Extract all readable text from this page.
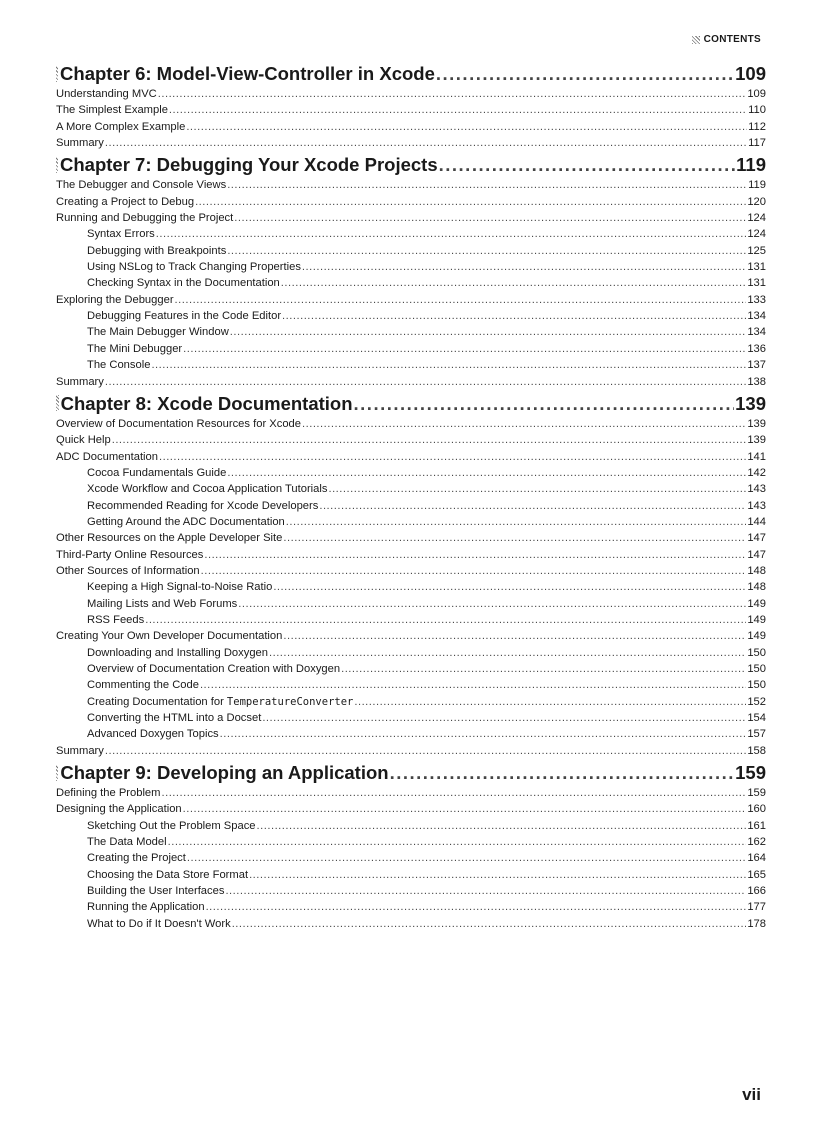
CONTENTS
Chapter 6: Model-View-Controller in Xcode .....	109
Understanding MVC .....	109
The Simplest Example .....	110
A More Complex Example .....	112
Summary .....	117
Chapter 7: Debugging Your Xcode Projects .....	119
The Debugger and Console Views .....	119
Creating a Project to Debug .....	120
Running and Debugging the Project .....	124
Syntax Errors .....	124
Debugging with Breakpoints .....	125
Using NSLog to Track Changing Properties .....	131
Checking Syntax in the Documentation .....	131
Exploring the Debugger .....	133
Debugging Features in the Code Editor .....	134
The Main Debugger Window .....	134
The Mini Debugger .....	136
The Console .....	137
Summary .....	138
Chapter 8: Xcode Documentation .....	139
Overview of Documentation Resources for Xcode .....	139
Quick Help .....	139
ADC Documentation .....	141
Cocoa Fundamentals Guide .....	142
Xcode Workflow and Cocoa Application Tutorials .....	143
Recommended Reading for Xcode Developers .....	143
Getting Around the ADC Documentation .....	144
Other Resources on the Apple Developer Site .....	147
Third-Party Online Resources .....	147
Other Sources of Information .....	148
Keeping a High Signal-to-Noise Ratio .....	148
Mailing Lists and Web Forums .....	149
RSS Feeds .....	149
Creating Your Own Developer Documentation .....	149
Downloading and Installing Doxygen .....	150
Overview of Documentation Creation with Doxygen .....	150
Commenting the Code .....	150
Creating Documentation for TemperatureConverter .....	152
Converting the HTML into a Docset .....	154
Advanced Doxygen Topics .....	157
Summary .....	158
Chapter 9: Developing an Application .....	159
Defining the Problem .....	159
Designing the Application .....	160
Sketching Out the Problem Space .....	161
The Data Model .....	162
Creating the Project .....	164
Choosing the Data Store Format .....	165
Building the User Interfaces .....	166
Running the Application .....	177
What to Do if It Doesn't Work .....	178
vii
